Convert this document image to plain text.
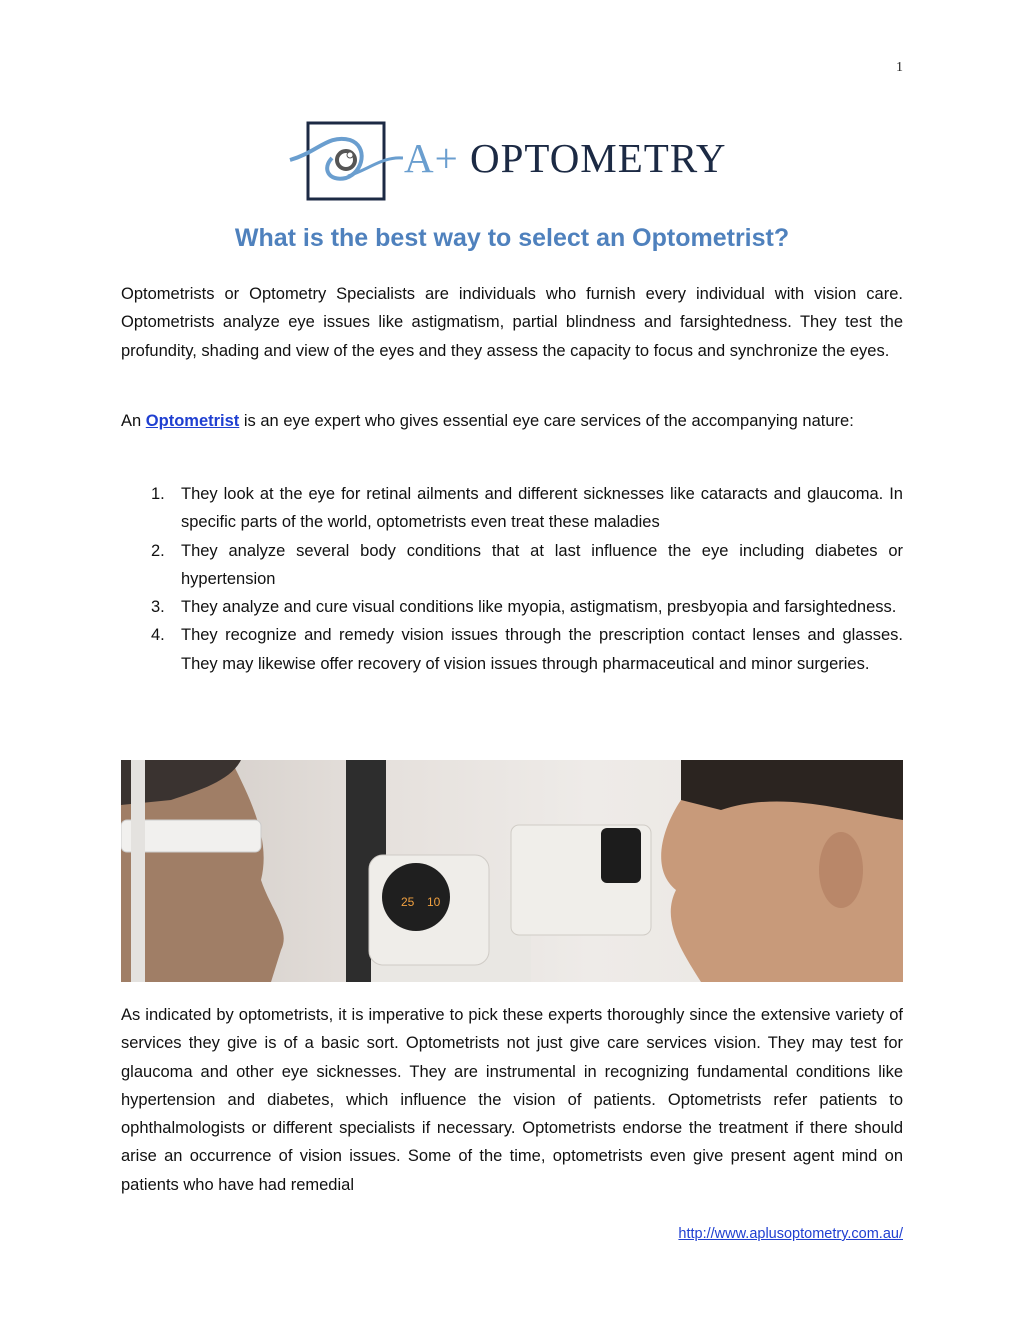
1
A+ OPTOMETRY
What is the best way to select an Optometrist?

Optometrists or Optometry Specialists are individuals who furnish every individual with vision care. Optometrists analyze eye issues like astigmatism, partial blindness and farsightedness. They test the profundity, shading and view of the eyes and they assess the capacity to focus and synchronize the eyes.

An Optometrist is an eye expert who gives essential eye care services of the accompanying nature:

1. They look at the eye for retinal ailments and different sicknesses like cataracts and glaucoma. In specific parts of the world, optometrists even treat these maladies
2. They analyze several body conditions that at last influence the eye including diabetes or hypertension
3. They analyze and cure visual conditions like myopia, astigmatism, presbyopia and farsightedness.
4. They recognize and remedy vision issues through the prescription contact lenses and glasses. They may likewise offer recovery of vision issues through pharmaceutical and minor surgeries.
25 10

As indicated by optometrists, it is imperative to pick these experts thoroughly since the extensive variety of services they give is of a basic sort. Optometrists not just give care services vision. They may test for glaucoma and other eye sicknesses. They are instrumental in recognizing fundamental conditions like hypertension and diabetes, which influence the vision of patients. Optometrists refer patients to ophthalmologists or different specialists if necessary. Optometrists endorse the treatment if there should arise an occurrence of vision issues. Some of the time, optometrists even give present agent mind on patients who have had remedial

http://www.aplusoptometry.com.au/
